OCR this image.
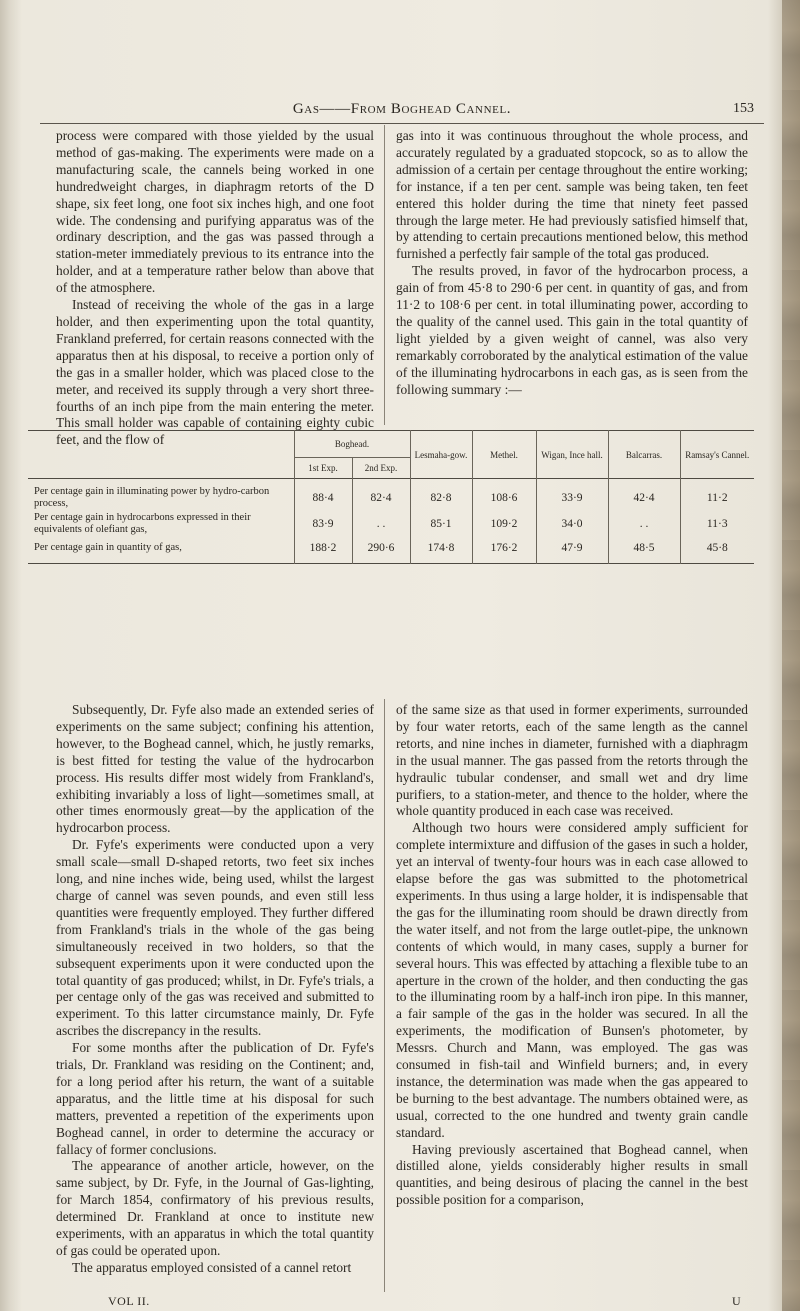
Gas——From Boghead Cannel.	153

process were compared with those yielded by the usual method of gas-making. The experiments were made on a manufacturing scale, the cannels being worked in one hundredweight charges, in diaphragm retorts of the D shape, six feet long, one foot six inches high, and one foot wide. The condensing and purifying apparatus was of the ordinary description, and the gas was passed through a station-meter immediately previous to its entrance into the holder, and at a temperature rather below than above that of the atmosphere.

Instead of receiving the whole of the gas in a large holder, and then experimenting upon the total quantity, Frankland preferred, for certain reasons connected with the apparatus then at his disposal, to receive a portion only of the gas in a smaller holder, which was placed close to the meter, and received its supply through a very short three-fourths of an inch pipe from the main entering the meter. This small holder was capable of containing eighty cubic feet, and the flow of

gas into it was continuous throughout the whole process, and accurately regulated by a graduated stopcock, so as to allow the admission of a certain per centage throughout the entire working; for instance, if a ten per cent. sample was being taken, ten feet entered this holder during the time that ninety feet passed through the large meter. He had previously satisfied himself that, by attending to certain precautions mentioned below, this method furnished a perfectly fair sample of the total gas produced.

The results proved, in favor of the hydrocarbon process, a gain of from 45·8 to 290·6 per cent. in quantity of gas, and from 11·2 to 108·6 per cent. in total illuminating power, according to the quality of the cannel used. This gain in the total quantity of light yielded by a given weight of cannel, was also very remarkably corroborated by the analytical estimation of the value of the illuminating hydrocarbons in each gas, as is seen from the following summary :—

	Boghead.		Lesmaha-gow.	Methel.	Wigan, Ince hall.	Balcarras.	Ramsay's Cannel.
	1st Exp.	2nd Exp.					
Per centage gain in illuminating power by hydro-carbon process,	88·4	82·4	82·8	108·6	33·9	42·4	11·2
Per centage gain in hydrocarbons expressed in their equivalents of olefiant gas,	83·9	. .	85·1	109·2	34·0	. .	11·3
Per centage gain in quantity of gas,	188·2	290·6	174·8	176·2	47·9	48·5	45·8

Subsequently, Dr. Fyfe also made an extended series of experiments on the same subject; confining his attention, however, to the Boghead cannel, which, he justly remarks, is best fitted for testing the value of the hydrocarbon process. His results differ most widely from Frankland's, exhibiting invariably a loss of light—sometimes small, at other times enormously great—by the application of the hydrocarbon process.

Dr. Fyfe's experiments were conducted upon a very small scale—small D-shaped retorts, two feet six inches long, and nine inches wide, being used, whilst the largest charge of cannel was seven pounds, and even still less quantities were frequently employed. They further differed from Frankland's trials in the whole of the gas being simultaneously received in two holders, so that the subsequent experiments upon it were conducted upon the total quantity of gas produced; whilst, in Dr. Fyfe's trials, a per centage only of the gas was received and submitted to experiment. To this latter circumstance mainly, Dr. Fyfe ascribes the discrepancy in the results.

For some months after the publication of Dr. Fyfe's trials, Dr. Frankland was residing on the Continent; and, for a long period after his return, the want of a suitable apparatus, and the little time at his disposal for such matters, prevented a repetition of the experiments upon Boghead cannel, in order to determine the accuracy or fallacy of former conclusions.

The appearance of another article, however, on the same subject, by Dr. Fyfe, in the Journal of Gas-lighting, for March 1854, confirmatory of his previous results, determined Dr. Frankland at once to institute new experiments, with an apparatus in which the total quantity of gas could be operated upon.

The apparatus employed consisted of a cannel retort

of the same size as that used in former experiments, surrounded by four water retorts, each of the same length as the cannel retorts, and nine inches in diameter, furnished with a diaphragm in the usual manner. The gas passed from the retorts through the hydraulic tubular condenser, and small wet and dry lime purifiers, to a station-meter, and thence to the holder, where the whole quantity produced in each case was received.

Although two hours were considered amply sufficient for complete intermixture and diffusion of the gases in such a holder, yet an interval of twenty-four hours was in each case allowed to elapse before the gas was submitted to the photometrical experiments. In thus using a large holder, it is indispensable that the gas for the illuminating room should be drawn directly from the water itself, and not from the large outlet-pipe, the unknown contents of which would, in many cases, supply a burner for several hours. This was effected by attaching a flexible tube to an aperture in the crown of the holder, and then conducting the gas to the illuminating room by a half-inch iron pipe. In this manner, a fair sample of the gas in the holder was secured. In all the experiments, the modification of Bunsen's photometer, by Messrs. Church and Mann, was employed. The gas was consumed in fish-tail and Winfield burners; and, in every instance, the determination was made when the gas appeared to be burning to the best advantage. The numbers obtained were, as usual, corrected to the one hundred and twenty grain candle standard.

Having previously ascertained that Boghead cannel, when distilled alone, yields considerably higher results in small quantities, and being desirous of placing the cannel in the best possible position for a comparison,

VOL II.	U
